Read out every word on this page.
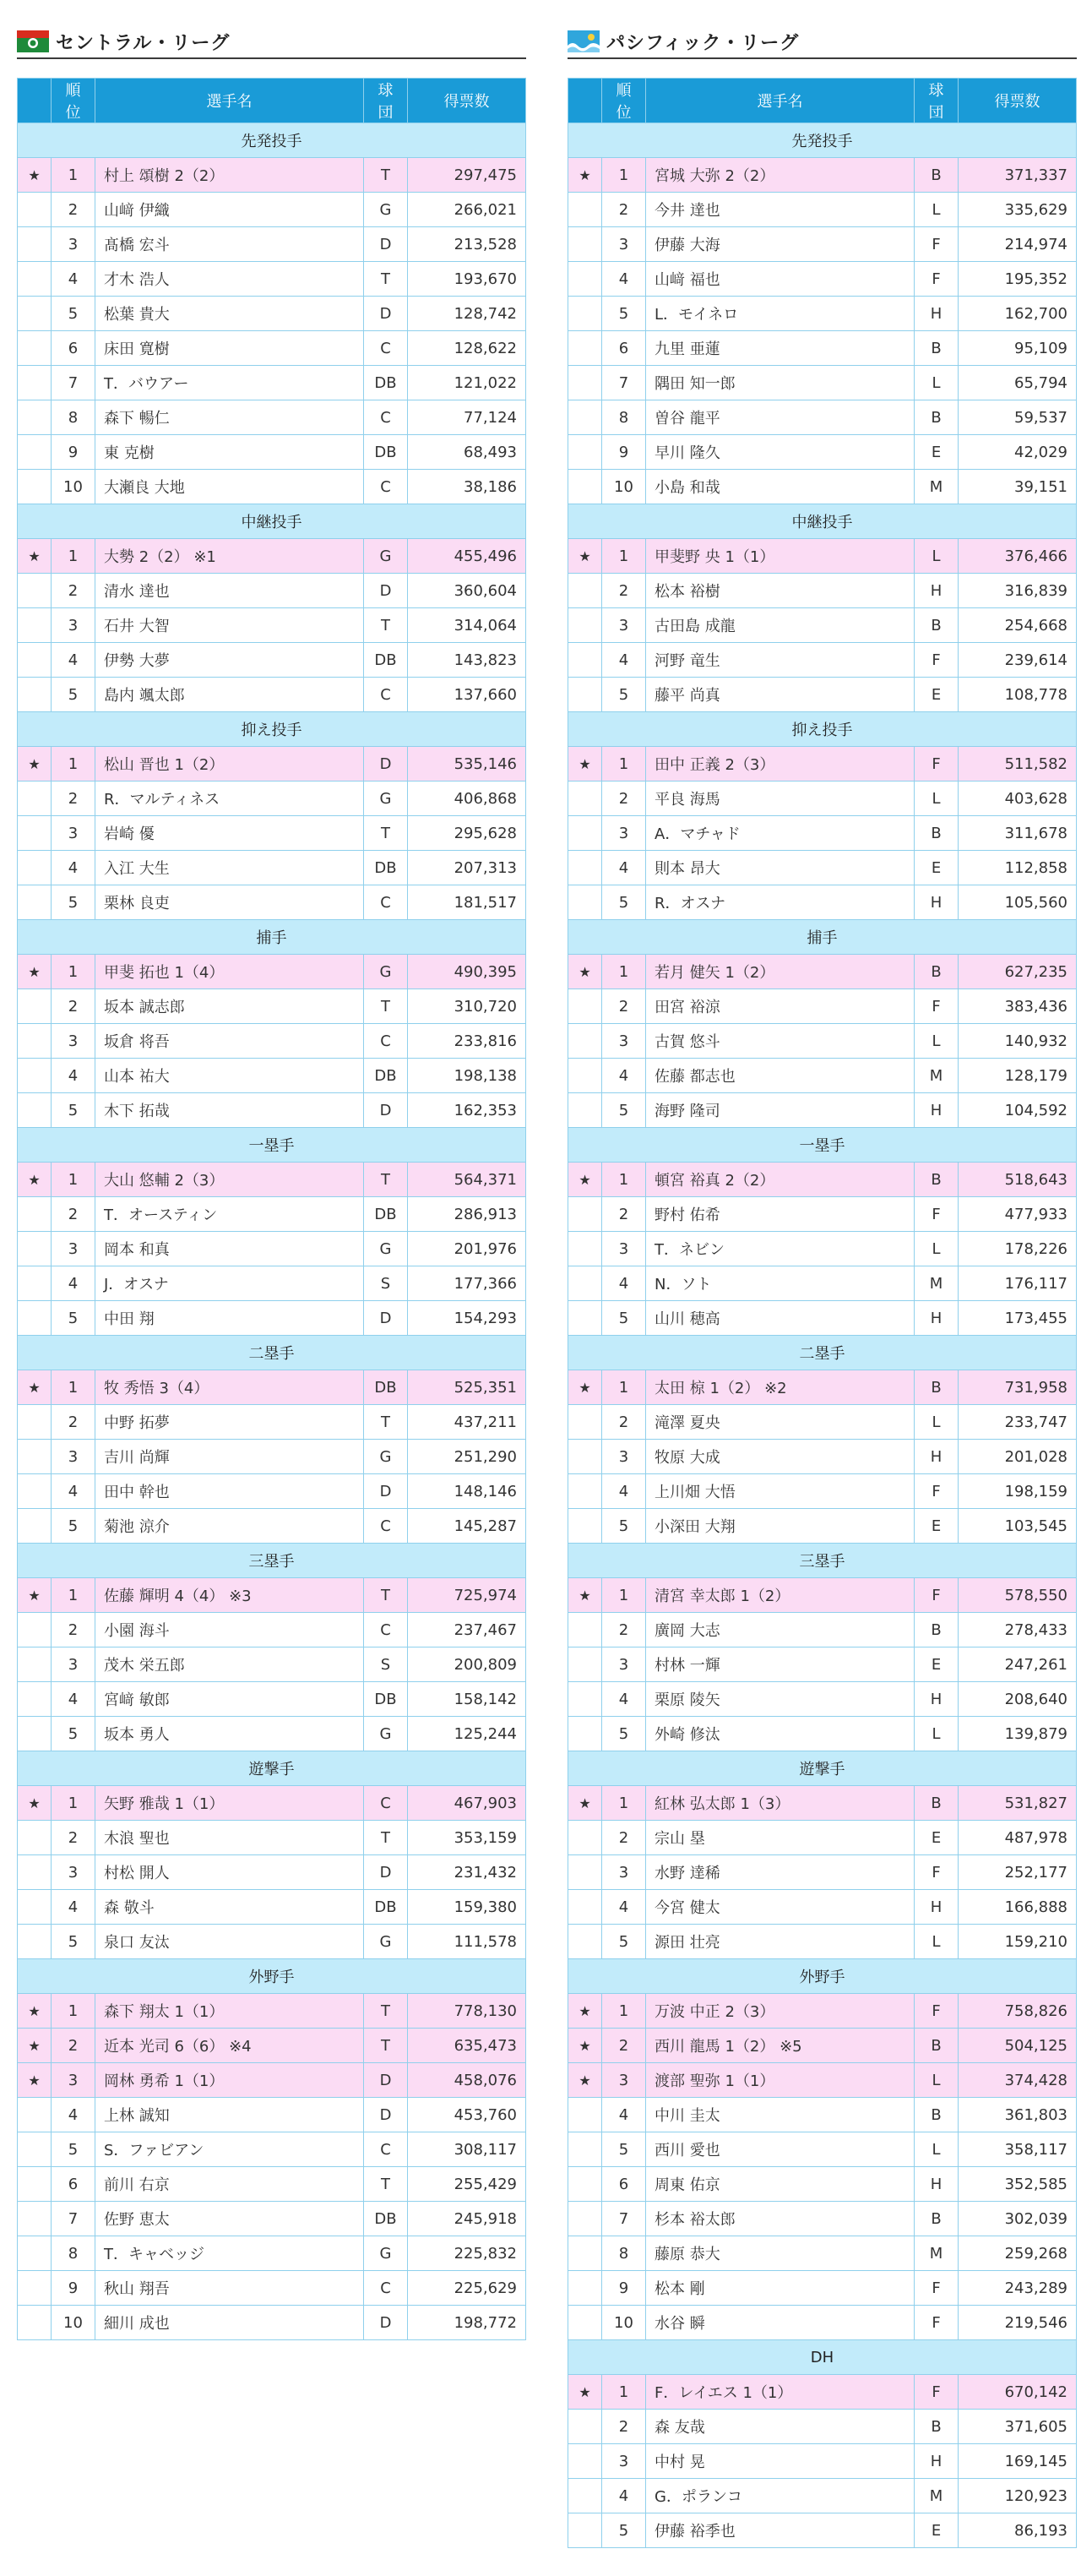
セントラル・リーグ
	順位	選手名	球団	得票数
先発投手				
★	1	村上 頌樹 2（2）	T	297,475
	2	山﨑 伊織	G	266,021
	3	髙橋 宏斗	D	213,528
	4	才木 浩人	T	193,670
	5	松葉 貴大	D	128,742
	6	床田 寛樹	C	128,622
	7	T．バウアー	DB	121,022
	8	森下 暢仁	C	77,124
	9	東 克樹	DB	68,493
	10	大瀬良 大地	C	38,186
中継投手				
★	1	大勢 2（2） ※1	G	455,496
	2	清水 達也	D	360,604
	3	石井 大智	T	314,064
	4	伊勢 大夢	DB	143,823
	5	島内 颯太郎	C	137,660
抑え投手				
★	1	松山 晋也 1（2）	D	535,146
	2	R．マルティネス	G	406,868
	3	岩崎 優	T	295,628
	4	入江 大生	DB	207,313
	5	栗林 良吏	C	181,517
捕手				
★	1	甲斐 拓也 1（4）	G	490,395
	2	坂本 誠志郎	T	310,720
	3	坂倉 将吾	C	233,816
	4	山本 祐大	DB	198,138
	5	木下 拓哉	D	162,353
一塁手				
★	1	大山 悠輔 2（3）	T	564,371
	2	T．オースティン	DB	286,913
	3	岡本 和真	G	201,976
	4	J．オスナ	S	177,366
	5	中田 翔	D	154,293
二塁手				
★	1	牧 秀悟 3（4）	DB	525,351
	2	中野 拓夢	T	437,211
	3	吉川 尚輝	G	251,290
	4	田中 幹也	D	148,146
	5	菊池 涼介	C	145,287
三塁手				
★	1	佐藤 輝明 4（4） ※3	T	725,974
	2	小園 海斗	C	237,467
	3	茂木 栄五郎	S	200,809
	4	宮﨑 敏郎	DB	158,142
	5	坂本 勇人	G	125,244
遊撃手				
★	1	矢野 雅哉 1（1）	C	467,903
	2	木浪 聖也	T	353,159
	3	村松 開人	D	231,432
	4	森 敬斗	DB	159,380
	5	泉口 友汰	G	111,578
外野手				
★	1	森下 翔太 1（1）	T	778,130
★	2	近本 光司 6（6） ※4	T	635,473
★	3	岡林 勇希 1（1）	D	458,076
	4	上林 誠知	D	453,760
	5	S．ファビアン	C	308,117
	6	前川 右京	T	255,429
	7	佐野 恵太	DB	245,918
	8	T．キャベッジ	G	225,832
	9	秋山 翔吾	C	225,629
	10	細川 成也	D	198,772
パシフィック・リーグ
	順位	選手名	球団	得票数
先発投手				
★	1	宮城 大弥 2（2）	B	371,337
	2	今井 達也	L	335,629
	3	伊藤 大海	F	214,974
	4	山﨑 福也	F	195,352
	5	L．モイネロ	H	162,700
	6	九里 亜蓮	B	95,109
	7	隅田 知一郎	L	65,794
	8	曽谷 龍平	B	59,537
	9	早川 隆久	E	42,029
	10	小島 和哉	M	39,151
中継投手				
★	1	甲斐野 央 1（1）	L	376,466
	2	松本 裕樹	H	316,839
	3	古田島 成龍	B	254,668
	4	河野 竜生	F	239,614
	5	藤平 尚真	E	108,778
抑え投手				
★	1	田中 正義 2（3）	F	511,582
	2	平良 海馬	L	403,628
	3	A．マチャド	B	311,678
	4	則本 昂大	E	112,858
	5	R．オスナ	H	105,560
捕手				
★	1	若月 健矢 1（2）	B	627,235
	2	田宮 裕涼	F	383,436
	3	古賀 悠斗	L	140,932
	4	佐藤 都志也	M	128,179
	5	海野 隆司	H	104,592
一塁手				
★	1	頓宮 裕真 2（2）	B	518,643
	2	野村 佑希	F	477,933
	3	T．ネビン	L	178,226
	4	N．ソト	M	176,117
	5	山川 穂高	H	173,455
二塁手				
★	1	太田 椋 1（2） ※2	B	731,958
	2	滝澤 夏央	L	233,747
	3	牧原 大成	H	201,028
	4	上川畑 大悟	F	198,159
	5	小深田 大翔	E	103,545
三塁手				
★	1	清宮 幸太郎 1（2）	F	578,550
	2	廣岡 大志	B	278,433
	3	村林 一輝	E	247,261
	4	栗原 陵矢	H	208,640
	5	外崎 修汰	L	139,879
遊撃手				
★	1	紅林 弘太郎 1（3）	B	531,827
	2	宗山 塁	E	487,978
	3	水野 達稀	F	252,177
	4	今宮 健太	H	166,888
	5	源田 壮亮	L	159,210
外野手				
★	1	万波 中正 2（3）	F	758,826
★	2	西川 龍馬 1（2） ※5	B	504,125
★	3	渡部 聖弥 1（1）	L	374,428
	4	中川 圭太	B	361,803
	5	西川 愛也	L	358,117
	6	周東 佑京	H	352,585
	7	杉本 裕太郎	B	302,039
	8	藤原 恭大	M	259,268
	9	松本 剛	F	243,289
	10	水谷 瞬	F	219,546
DH				
★	1	F．レイエス 1（1）	F	670,142
	2	森 友哉	B	371,605
	3	中村 晃	H	169,145
	4	G．ポランコ	M	120,923
	5	伊藤 裕季也	E	86,193
